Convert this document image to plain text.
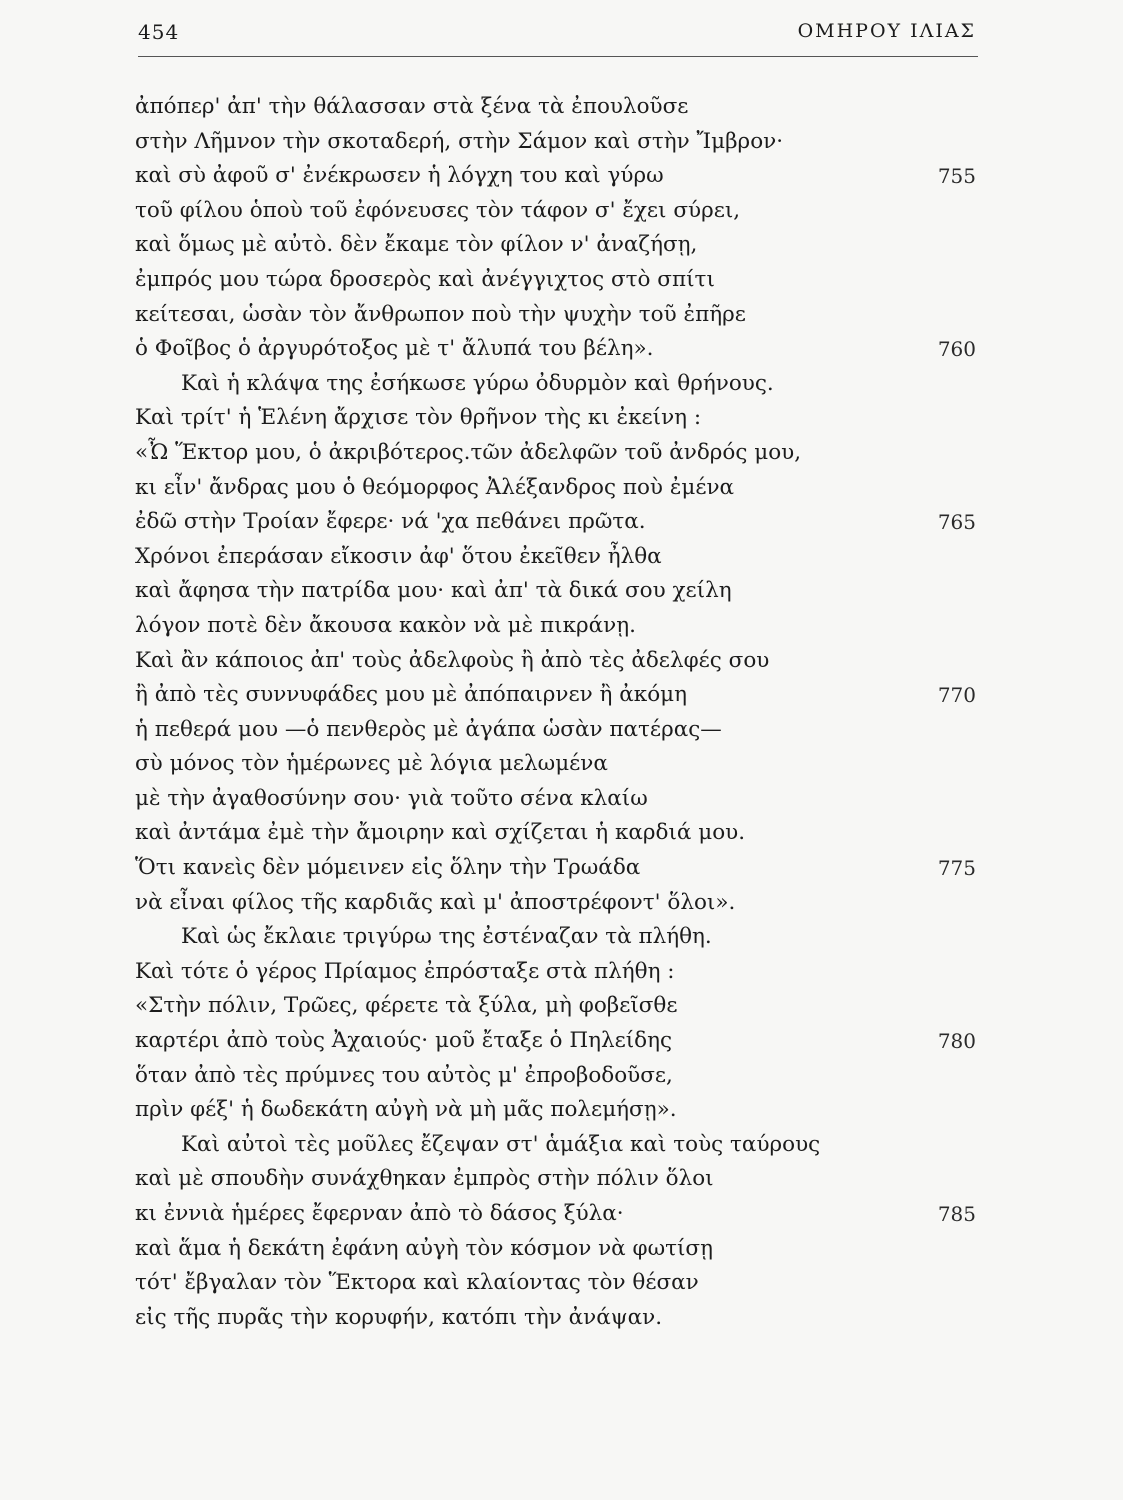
454	ΟΜΗΡΟΥ ΙΛΙΑΣ
ἀπόπερ' ἀπ' τὴν θάλασσαν στὰ ξένα τὰ ἐπουλοῦσε
στὴν Λῆμνον τὴν σκοταδερή, στὴν Σάμον καὶ στὴν Ἴμβρον·
καὶ σὺ ἀφοῦ σ' ἐνέκρωσεν ἡ λόγχη του καὶ γύρω	755
τοῦ φίλου ὁποὺ τοῦ ἐφόνευσες τὸν τάφον σ' ἔχει σύρει,
καὶ ὅμως μὲ αὐτὸ. δὲν ἔκαμε τὸν φίλον ν' ἀναζήσῃ,
ἐμπρός μου τώρα δροσερὸς καὶ ἀνέγγιχτος στὸ σπίτι
κείτεσαι, ὡσὰν τὸν ἄνθρωπον ποὺ τὴν ψυχὴν τοῦ ἐπῆρε
ὁ Φοῖβος ὁ ἀργυρότοξος μὲ τ' ἄλυπά του βέλη».	760
Καὶ ἡ κλάψα της ἐσήκωσε γύρω ὀδυρμὸν καὶ θρήνους.
Καὶ τρίτ' ἡ Ἑλένη ἄρχισε τὸν θρῆνον τὴς κι ἐκείνη :
«Ὦ Ἕκτορ μου, ὁ ἀκριβότερος.τῶν ἀδελφῶν τοῦ ἀνδρός μου,
κι εἶν' ἄνδρας μου ὁ θεόμορφος Ἀλέξανδρος ποὺ ἐμένα
ἐδῶ στὴν Τροίαν ἔφερε· νά 'χα πεθάνει πρῶτα.	765
Χρόνοι ἐπεράσαν εἴκοσιν ἀφ' ὅτου ἐκεῖθεν ἦλθα
καὶ ἄφησα τὴν πατρίδα μου· καὶ ἀπ' τὰ δικά σου χείλη
λόγον ποτὲ δὲν ἄκουσα κακὸν νὰ μὲ πικράνῃ.
Καὶ ἂν κάποιος ἀπ' τοὺς ἀδελφοὺς ἢ ἀπὸ τὲς ἀδελφές σου
ἢ ἀπὸ τὲς συννυφάδες μου μὲ ἀπόπαιρνεν ἢ ἀκόμη	770
ἡ πεθερά μου —ὁ πενθερὸς μὲ ἀγάπα ὡσὰν πατέρας—
σὺ μόνος τὸν ἡμέρωνες μὲ λόγια μελωμένα
μὲ τὴν ἀγαθοσύνην σου· γιὰ τοῦτο σένα κλαίω
καὶ ἀντάμα ἐμὲ τὴν ἄμοιρην καὶ σχίζεται ἡ καρδιά μου.
Ὅτι κανεὶς δὲν μόμεινεν εἰς ὅλην τὴν Τρωάδα	775
νὰ εἶναι φίλος τῆς καρδιᾶς καὶ μ' ἀποστρέφοντ' ὅλοι».
Καὶ ὡς ἔκλαιε τριγύρω της ἐστέναζαν τὰ πλήθη.
Καὶ τότε ὁ γέρος Πρίαμος ἐπρόσταξε στὰ πλήθη :
«Στὴν πόλιν, Τρῶες, φέρετε τὰ ξύλα, μὴ φοβεῖσθε
καρτέρι ἀπὸ τοὺς Ἀχαιούς· μοῦ ἔταξε ὁ Πηλείδης	780
ὅταν ἀπὸ τὲς πρύμνες του αὐτὸς μ' ἐπροβοδοῦσε,
πρὶν φέξ' ἡ δωδεκάτη αὐγὴ νὰ μὴ μᾶς πολεμήσῃ».
Καὶ αὐτοὶ τὲς μοῦλες ἔζεψαν στ' ἁμάξια καὶ τοὺς ταύρους
καὶ μὲ σπουδὴν συνάχθηκαν ἐμπρὸς στὴν πόλιν ὅλοι
κι ἐννιὰ ἡμέρες ἔφερναν ἀπὸ τὸ δάσος ξύλα·	785
καὶ ἅμα ἡ δεκάτη ἐφάνη αὐγὴ τὸν κόσμον νὰ φωτίσῃ
τότ' ἔβγαλαν τὸν Ἕκτορα καὶ κλαίοντας τὸν θέσαν
εἰς τῆς πυρᾶς τὴν κορυφήν, κατόπι τὴν ἀνάψαν.
